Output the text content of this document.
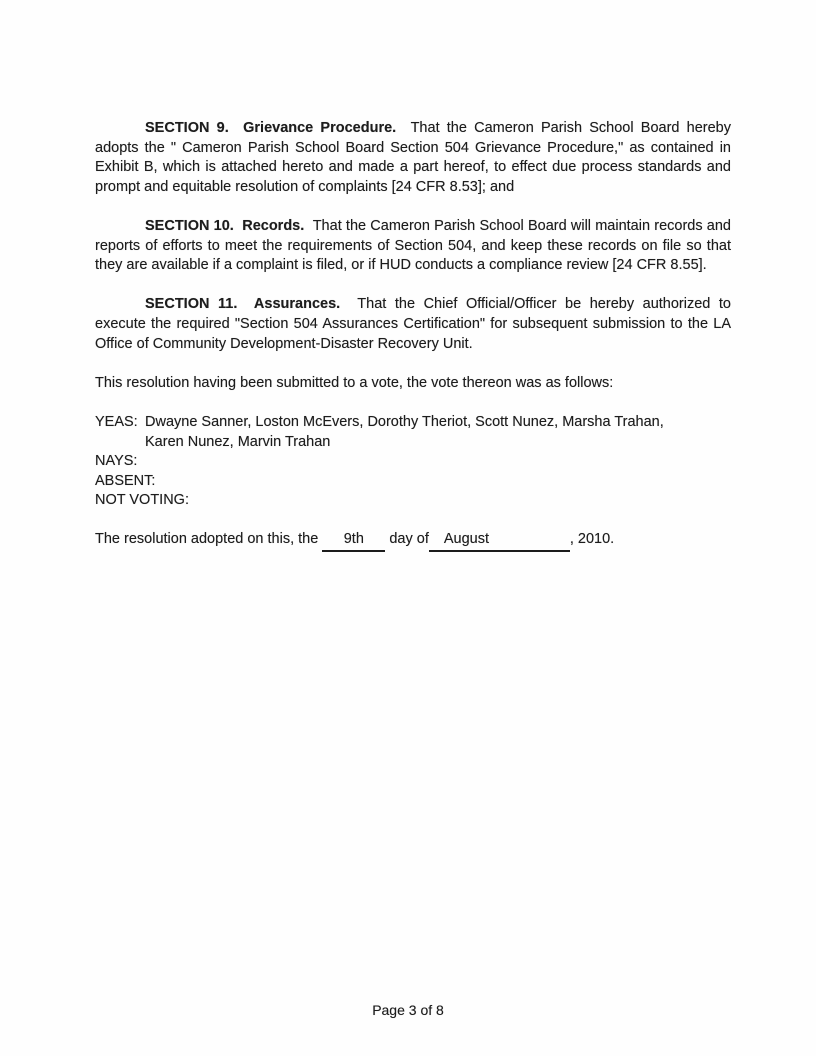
SECTION 9.  Grievance Procedure.  That the Cameron Parish School Board hereby adopts the " Cameron Parish School Board Section 504 Grievance Procedure," as contained in Exhibit B, which is attached hereto and made a part hereof, to effect due process standards and prompt and equitable resolution of complaints [24 CFR 8.53]; and

SECTION 10.  Records.  That the Cameron Parish School Board will maintain records and reports of efforts to meet the requirements of Section 504, and keep these records on file so that they are available if a complaint is filed, or if HUD conducts a compliance review [24 CFR 8.55].

SECTION 11.  Assurances.  That the Chief Official/Officer be hereby authorized to execute the required "Section 504 Assurances Certification" for subsequent submission to the LA Office of Community Development-Disaster Recovery Unit.

This resolution having been submitted to a vote, the vote thereon was as follows:

YEAS: Dwayne Sanner, Loston McEvers, Dorothy Theriot, Scott Nunez, Marsha Trahan,
Karen Nunez, Marvin Trahan
NAYS:
ABSENT:
NOT VOTING:

The resolution adopted on this, the 9th day of August	, 2010.

Page 3 of 8
